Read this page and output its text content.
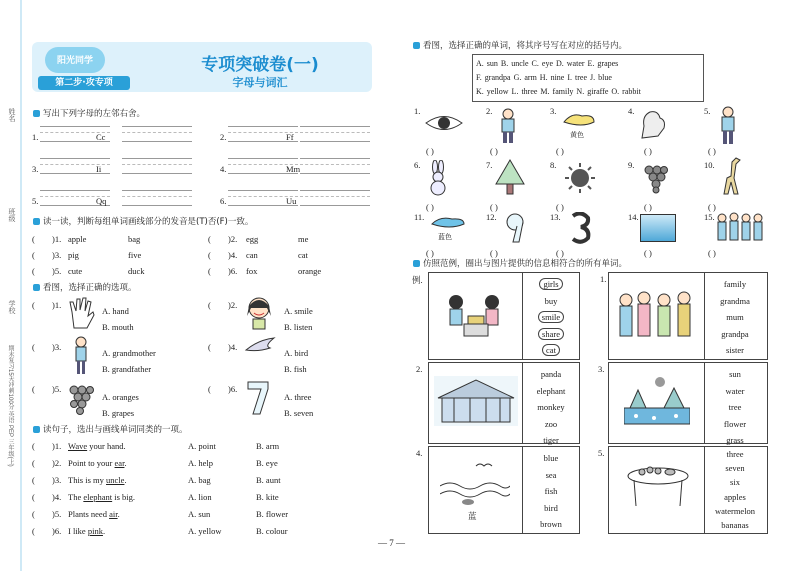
姓名
班级
学校
期末复习15天冲刺100分 英语 PEP 三年级(上)
阳光同学
第二步·攻专项
专项突破卷(一)
字母与词汇
写出下列字母的左邻右舍。
1.	Cc	2.	Ff
3.	Ii	4.	Mm
5.	Qq	6.	Uu
读一读，判断每组单词画线部分的发音是(T)否(F)一致。
( )1. apple	bag	( )2. egg	me
( )3. pig	five	( )4. can	cat
( )5. cute	duck	( )6. fox	orange
看图，选择正确的选项。
( )1.
A. hand
B. mouth
( )2.
A. smile
B. listen
( )3.
A. grandmother
B. grandfather
( )4.
A. bird
B. fish
( )5.
A. oranges
B. grapes
( )6.
A. three
B. seven
读句子，选出与画线单词同类的一项。
( )1. Wave your hand.	A. point	B. arm
( )2. Point to your ear.	A. help	B. eye
( )3. This is my uncle.	A. bag	B. aunt
( )4. The elephant is big.	A. lion	B. kite
( )5. Plants need air.	A. sun	B. flower
( )6. I like pink.	A. yellow	B. colour
看图，选择正确的单词，将其序号写在对应的括号内。
A. sun B. uncle C. eye D. water E. grapes
F. grandpa G. arm H. nine I. tree J. blue
K. yellow L. three M. family N. giraffe O. rabbit
1.
( )
2.
( )
3.
黄色
( )
4.
( )
5.
( )
6.
( )
7.
( )
8.
( )
9.
( )
10.
( )
11.
蓝色
( )
12.
( )
13.
( )
14.
( )
15.
( )
仿照范例，圈出与图片提供的信息相符合的所有单词。
例.	girls
buy
smile
share
cat
1.	family
grandma
mum
grandpa
sister
2.	panda
elephant
monkey
zoo
tiger
3.	sun
water
tree
flower
grass
4.
蓝
blue
sea
fish
bird
brown
5.	three
seven
six
apples
watermelon
bananas
— 7 —
